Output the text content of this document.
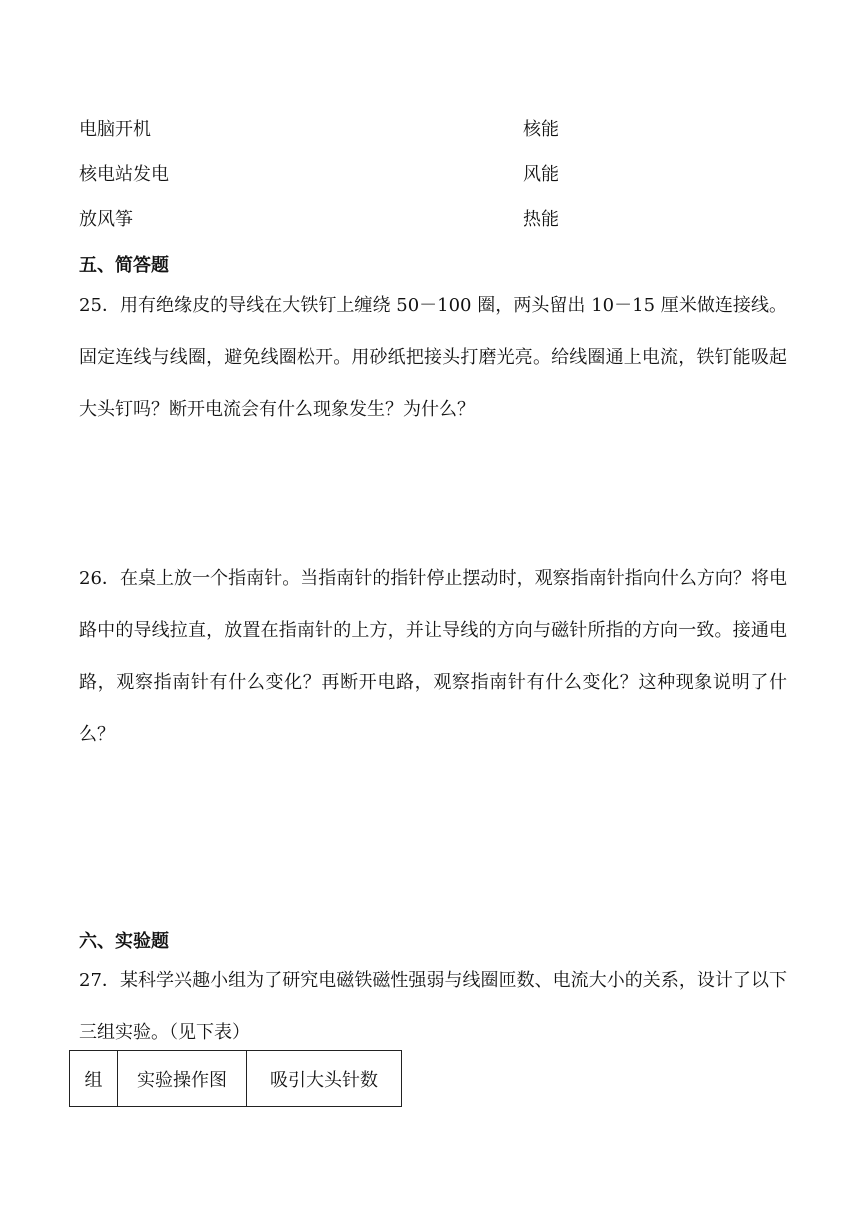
电脑开机	核能
核电站发电	风能
放风筝	热能
五、简答题
25．用有绝缘皮的导线在大铁钉上缠绕 50－100 圈，两头留出 10－15 厘米做连接线。固定连线与线圈，避免线圈松开。用砂纸把接头打磨光亮。给线圈通上电流，铁钉能吸起大头钉吗？断开电流会有什么现象发生？为什么？
26．在桌上放一个指南针。当指南针的指针停止摆动时，观察指南针指向什么方向？将电路中的导线拉直，放置在指南针的上方，并让导线的方向与磁针所指的方向一致。接通电路，观察指南针有什么变化？再断开电路，观察指南针有什么变化？这种现象说明了什么？
六、实验题
27．某科学兴趣小组为了研究电磁铁磁性强弱与线圈匝数、电流大小的关系，设计了以下三组实验。（见下表）
组	实验操作图	吸引大头针数
